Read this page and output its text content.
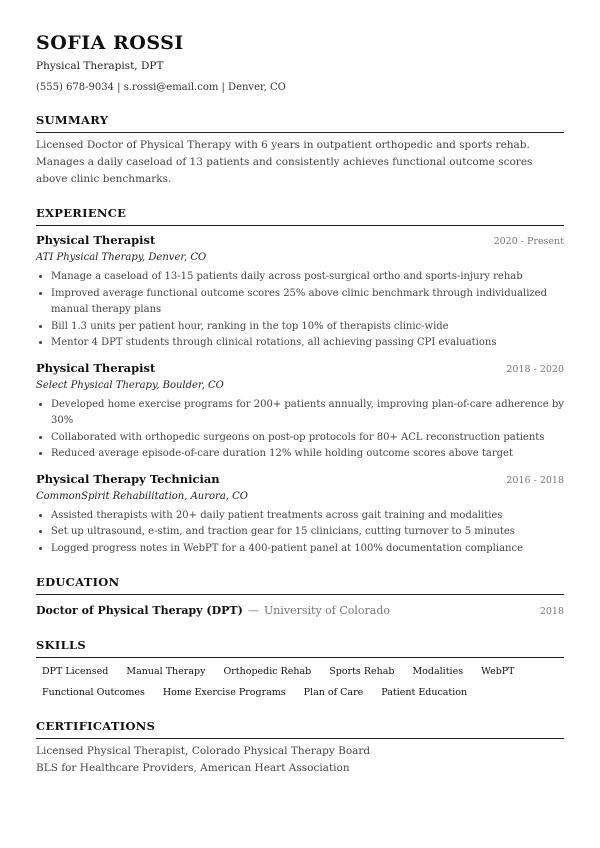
SOFIA ROSSI
Physical Therapist, DPT
(555) 678-9034 | s.rossi@email.com | Denver, CO
SUMMARY
Licensed Doctor of Physical Therapy with 6 years in outpatient orthopedic and sports rehab. Manages a daily caseload of 13 patients and consistently achieves functional outcome scores above clinic benchmarks.
EXPERIENCE
Physical Therapist	2020 - Present
ATI Physical Therapy, Denver, CO
• Manage a caseload of 13-15 patients daily across post-surgical ortho and sports-injury rehab
• Improved average functional outcome scores 25% above clinic benchmark through individualized manual therapy plans
• Bill 1.3 units per patient hour, ranking in the top 10% of therapists clinic-wide
• Mentor 4 DPT students through clinical rotations, all achieving passing CPI evaluations
Physical Therapist	2018 - 2020
Select Physical Therapy, Boulder, CO
• Developed home exercise programs for 200+ patients annually, improving plan-of-care adherence by 30%
• Collaborated with orthopedic surgeons on post-op protocols for 80+ ACL reconstruction patients
• Reduced average episode-of-care duration 12% while holding outcome scores above target
Physical Therapy Technician	2016 - 2018
CommonSpirit Rehabilitation, Aurora, CO
• Assisted therapists with 20+ daily patient treatments across gait training and modalities
• Set up ultrasound, e-stim, and traction gear for 15 clinicians, cutting turnover to 5 minutes
• Logged progress notes in WebPT for a 400-patient panel at 100% documentation compliance
EDUCATION
Doctor of Physical Therapy (DPT) — University of Colorado	2018
SKILLS
DPT Licensed	Manual Therapy	Orthopedic Rehab	Sports Rehab	Modalities	WebPT
Functional Outcomes	Home Exercise Programs	Plan of Care	Patient Education
CERTIFICATIONS
Licensed Physical Therapist, Colorado Physical Therapy Board
BLS for Healthcare Providers, American Heart Association
